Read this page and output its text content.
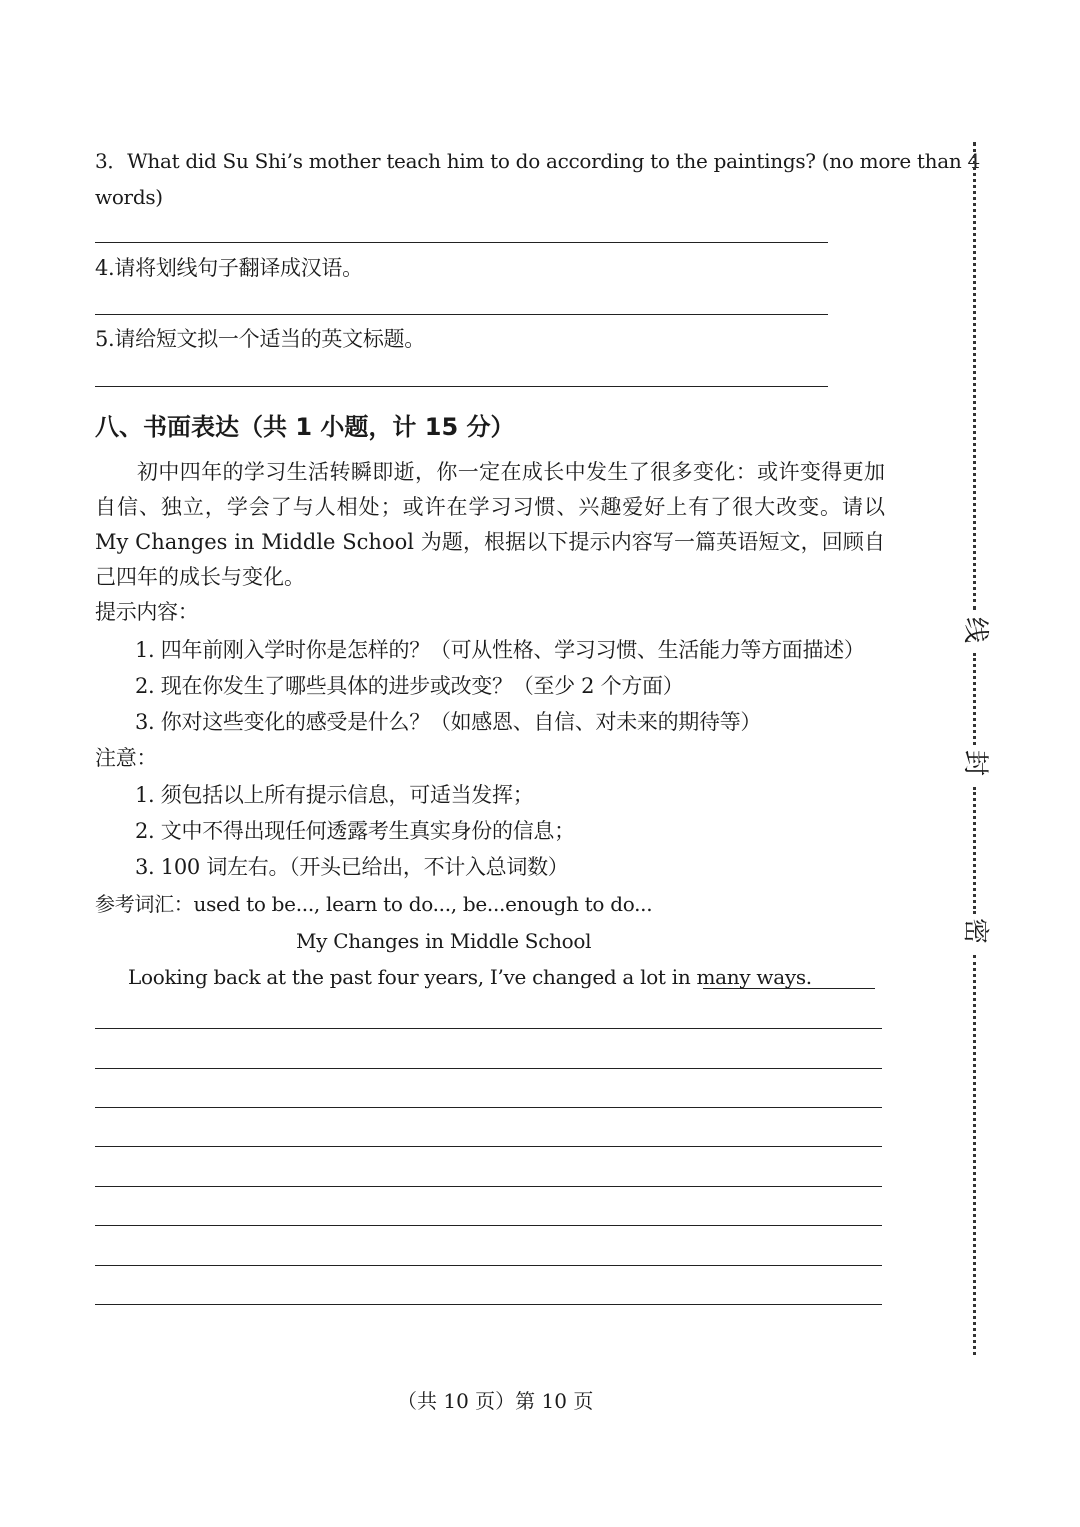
3．What did Su Shi’s mother teach him to do according to the paintings? (no more than 4
words)
4.请将划线句子翻译成汉语。
5.请给短文拟一个适当的英文标题。
八、书面表达（共 1 小题，计 15 分）
初中四年的学习生活转瞬即逝，你一定在成长中发生了很多变化：或许变得更加自信、独立，学会了与人相处；或许在学习习惯、兴趣爱好上有了很大改变。请以 My Changes in Middle School 为题，根据以下提示内容写一篇英语短文，回顾自己四年的成长与变化。
提示内容：
1. 四年前刚入学时你是怎样的？（可从性格、学习习惯、生活能力等方面描述）
2. 现在你发生了哪些具体的进步或改变？（至少 2 个方面）
3. 你对这些变化的感受是什么？（如感恩、自信、对未来的期待等）
注意：
1. 须包括以上所有提示信息，可适当发挥；
2. 文中不得出现任何透露考生真实身份的信息；
3. 100 词左右。（开头已给出，不计入总词数）
参考词汇：used to be..., learn to do..., be...enough to do...
My Changes in Middle School
Looking back at the past four years, I’ve changed a lot in many ways.
线
封
密
（共 10 页）第 10 页
